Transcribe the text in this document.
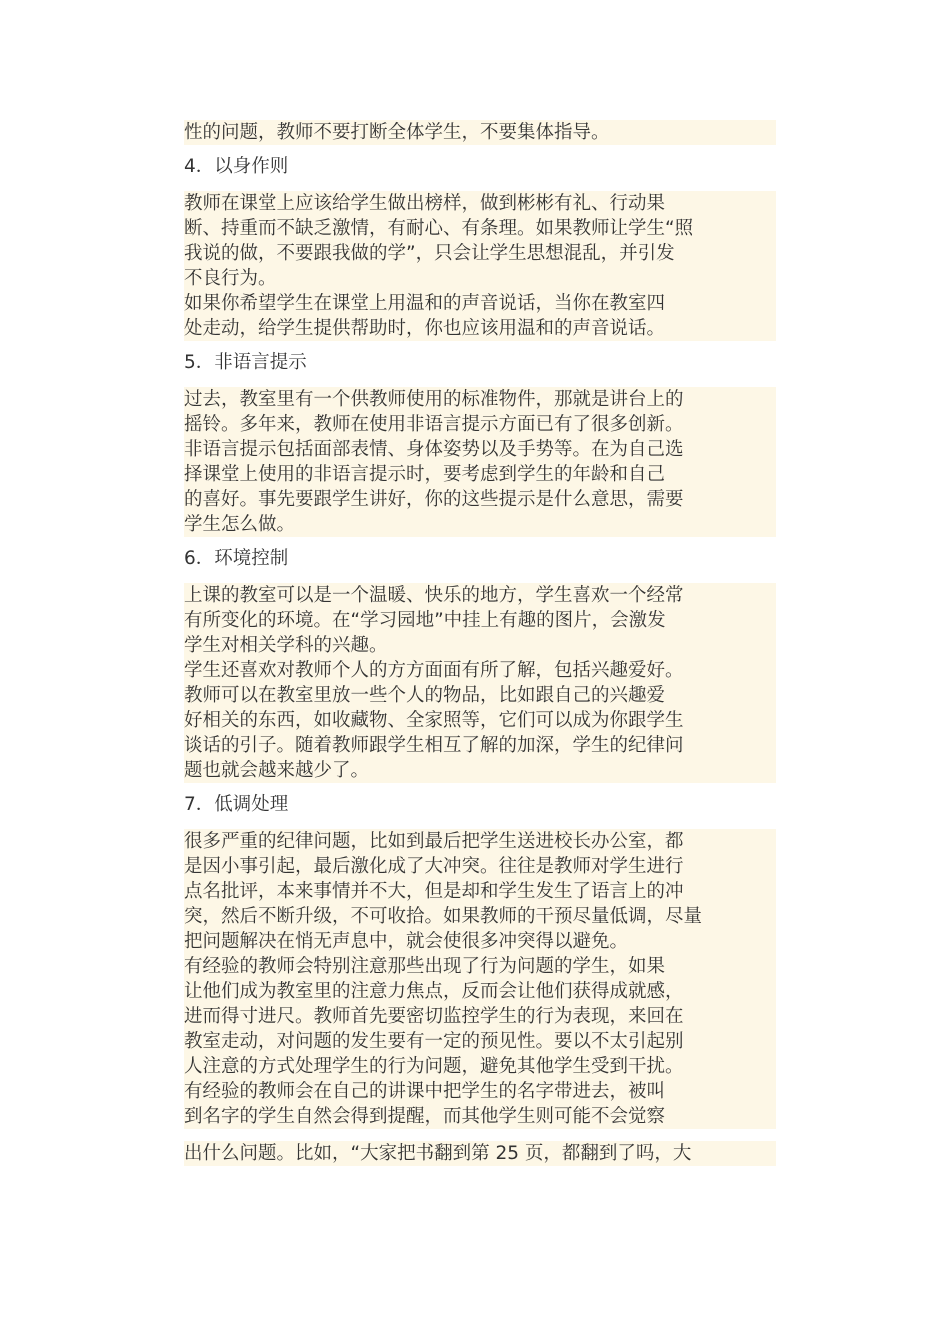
性的问题，教师不要打断全体学生，不要集体指导。
4．以身作则
教师在课堂上应该给学生做出榜样，做到彬彬有礼、行动果
断、持重而不缺乏激情，有耐心、有条理。如果教师让学生“照
我说的做，不要跟我做的学”，只会让学生思想混乱，并引发
不良行为。
如果你希望学生在课堂上用温和的声音说话，当你在教室四
处走动，给学生提供帮助时，你也应该用温和的声音说话。
5．非语言提示
过去，教室里有一个供教师使用的标准物件，那就是讲台上的
摇铃。多年来，教师在使用非语言提示方面已有了很多创新。
非语言提示包括面部表情、身体姿势以及手势等。在为自己选
择课堂上使用的非语言提示时，要考虑到学生的年龄和自己
的喜好。事先要跟学生讲好，你的这些提示是什么意思，需要
学生怎么做。
6．环境控制
上课的教室可以是一个温暖、快乐的地方，学生喜欢一个经常
有所变化的环境。在“学习园地”中挂上有趣的图片，会激发
学生对相关学科的兴趣。
学生还喜欢对教师个人的方方面面有所了解，包括兴趣爱好。
教师可以在教室里放一些个人的物品，比如跟自己的兴趣爱
好相关的东西，如收藏物、全家照等，它们可以成为你跟学生
谈话的引子。随着教师跟学生相互了解的加深，学生的纪律问
题也就会越来越少了。
7．低调处理
很多严重的纪律问题，比如到最后把学生送进校长办公室，都
是因小事引起，最后激化成了大冲突。往往是教师对学生进行
点名批评，本来事情并不大，但是却和学生发生了语言上的冲
突，然后不断升级，不可收拾。如果教师的干预尽量低调，尽量
把问题解决在悄无声息中，就会使很多冲突得以避免。
有经验的教师会特别注意那些出现了行为问题的学生，如果
让他们成为教室里的注意力焦点，反而会让他们获得成就感，
进而得寸进尺。教师首先要密切监控学生的行为表现，来回在
教室走动，对问题的发生要有一定的预见性。要以不太引起别
人注意的方式处理学生的行为问题，避免其他学生受到干扰。
有经验的教师会在自己的讲课中把学生的名字带进去，被叫
到名字的学生自然会得到提醒，而其他学生则可能不会觉察
出什么问题。比如，“大家把书翻到第 25 页，都翻到了吗，大
